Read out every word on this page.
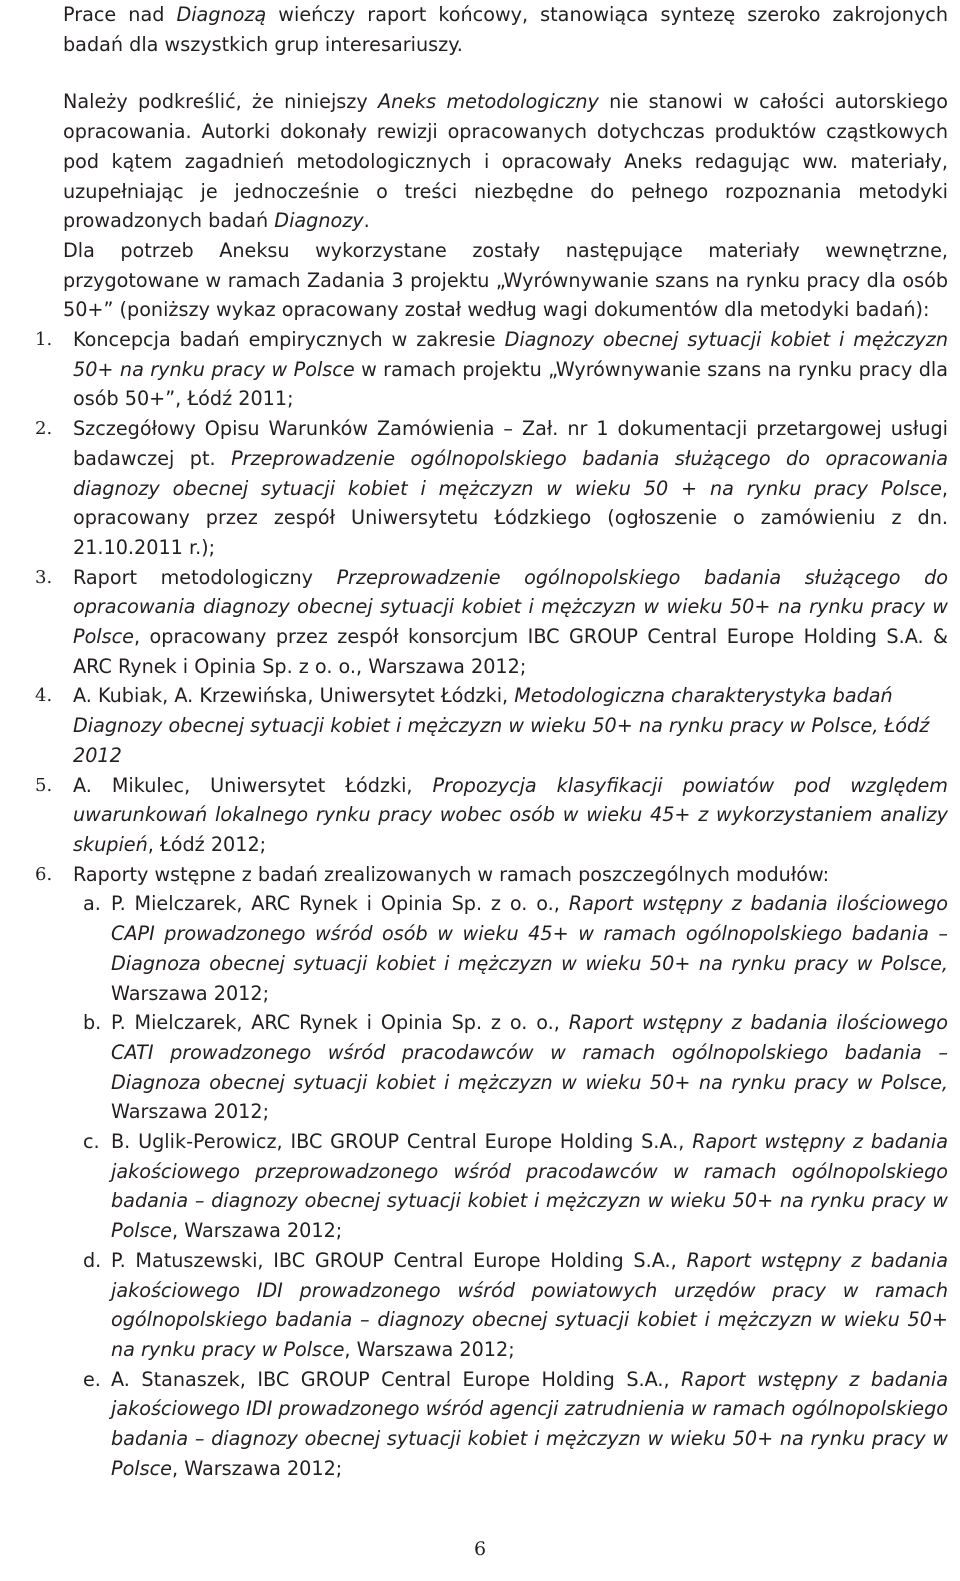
Prace nad Diagnozą wieńczy raport końcowy, stanowiąca syntezę szeroko zakrojonych badań dla wszystkich grup interesariuszy.

Należy podkreślić, że niniejszy Aneks metodologiczny nie stanowi w całości autorskiego opracowania. Autorki dokonały rewizji opracowanych dotychczas produktów cząstkowych pod kątem zagadnień metodologicznych i opracowały Aneks redagując ww. materiały, uzupełniając je jednocześnie o treści niezbędne do pełnego rozpoznania metodyki prowadzonych badań Diagnozy.

Dla potrzeb Aneksu wykorzystane zostały następujące materiały wewnętrzne, przygotowane w ramach Zadania 3 projektu „Wyrównywanie szans na rynku pracy dla osób 50+” (poniższy wykaz opracowany został według wagi dokumentów dla metodyki badań):

1. Koncepcja badań empirycznych w zakresie Diagnozy obecnej sytuacji kobiet i mężczyzn 50+ na rynku pracy w Polsce w ramach projektu „Wyrównywanie szans na rynku pracy dla osób 50+”, Łódź 2011;
2. Szczegółowy Opisu Warunków Zamówienia – Zał. nr 1 dokumentacji przetargowej usługi badawczej pt. Przeprowadzenie ogólnopolskiego badania służącego do opracowania diagnozy obecnej sytuacji kobiet i mężczyzn w wieku 50 + na rynku pracy Polsce, opracowany przez zespół Uniwersytetu Łódzkiego (ogłoszenie o zamówieniu z dn. 21.10.2011 r.);
3. Raport metodologiczny Przeprowadzenie ogólnopolskiego badania służącego do opracowania diagnozy obecnej sytuacji kobiet i mężczyzn w wieku 50+ na rynku pracy w Polsce, opracowany przez zespół konsorcjum IBC GROUP Central Europe Holding S.A. & ARC Rynek i Opinia Sp. z o. o., Warszawa 2012;
4. A. Kubiak, A. Krzewińska, Uniwersytet Łódzki, Metodologiczna charakterystyka badań Diagnozy obecnej sytuacji kobiet i mężczyzn w wieku 50+ na rynku pracy w Polsce, Łódź 2012
5. A. Mikulec, Uniwersytet Łódzki, Propozycja klasyfikacji powiatów pod względem uwarunkowań lokalnego rynku pracy wobec osób w wieku 45+ z wykorzystaniem analizy skupień, Łódź 2012;
6. Raporty wstępne z badań zrealizowanych w ramach poszczególnych modułów:
a. P. Mielczarek, ARC Rynek i Opinia Sp. z o. o., Raport wstępny z badania ilościowego CAPI prowadzonego wśród osób w wieku 45+ w ramach ogólnopolskiego badania – Diagnoza obecnej sytuacji kobiet i mężczyzn w wieku 50+ na rynku pracy w Polsce, Warszawa 2012;
b. P. Mielczarek, ARC Rynek i Opinia Sp. z o. o., Raport wstępny z badania ilościowego CATI prowadzonego wśród pracodawców w ramach ogólnopolskiego badania – Diagnoza obecnej sytuacji kobiet i mężczyzn w wieku 50+ na rynku pracy w Polsce, Warszawa 2012;
c. B. Uglik-Perowicz, IBC GROUP Central Europe Holding S.A., Raport wstępny z badania jakościowego przeprowadzonego wśród pracodawców w ramach ogólnopolskiego badania – diagnozy obecnej sytuacji kobiet i mężczyzn w wieku 50+ na rynku pracy w Polsce, Warszawa 2012;
d. P. Matuszewski, IBC GROUP Central Europe Holding S.A., Raport wstępny z badania jakościowego IDI prowadzonego wśród powiatowych urzędów pracy w ramach ogólnopolskiego badania – diagnozy obecnej sytuacji kobiet i mężczyzn w wieku 50+ na rynku pracy w Polsce, Warszawa 2012;
e. A. Stanaszek, IBC GROUP Central Europe Holding S.A., Raport wstępny z badania jakościowego IDI prowadzonego wśród agencji zatrudnienia w ramach ogólnopolskiego badania – diagnozy obecnej sytuacji kobiet i mężczyzn w wieku 50+ na rynku pracy w Polsce, Warszawa 2012;
6
